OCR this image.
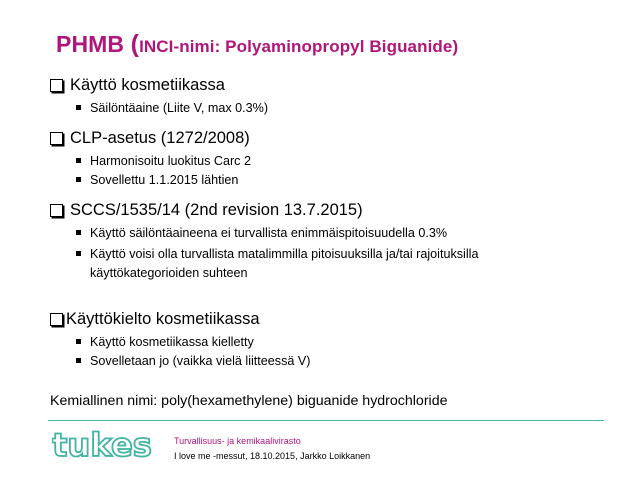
PHMB (INCI-nimi: Polyaminopropyl Biguanide)
Käyttö kosmetiikassa
Säilöntäaine (Liite V, max 0.3%)
CLP-asetus (1272/2008)
Harmonisoitu luokitus Carc 2
Sovellettu 1.1.2015 lähtien
SCCS/1535/14 (2nd revision 13.7.2015)
Käyttö säilöntäaineena ei turvallista enimmäispitoisuudella 0.3%
Käyttö voisi olla turvallista matalimmilla pitoisuuksilla ja/tai rajoituksilla
käyttökategorioiden suhteen
Käyttökielto kosmetiikassa
Käyttö kosmetiikassa kielletty
Sovelletaan jo (vaikka vielä liitteessä V)
Kemiallinen nimi: poly(hexamethylene) biguanide hydrochloride
tukes Turvallisuus- ja kemikaalivirasto
I love me -messut, 18.10.2015, Jarkko Loikkanen
